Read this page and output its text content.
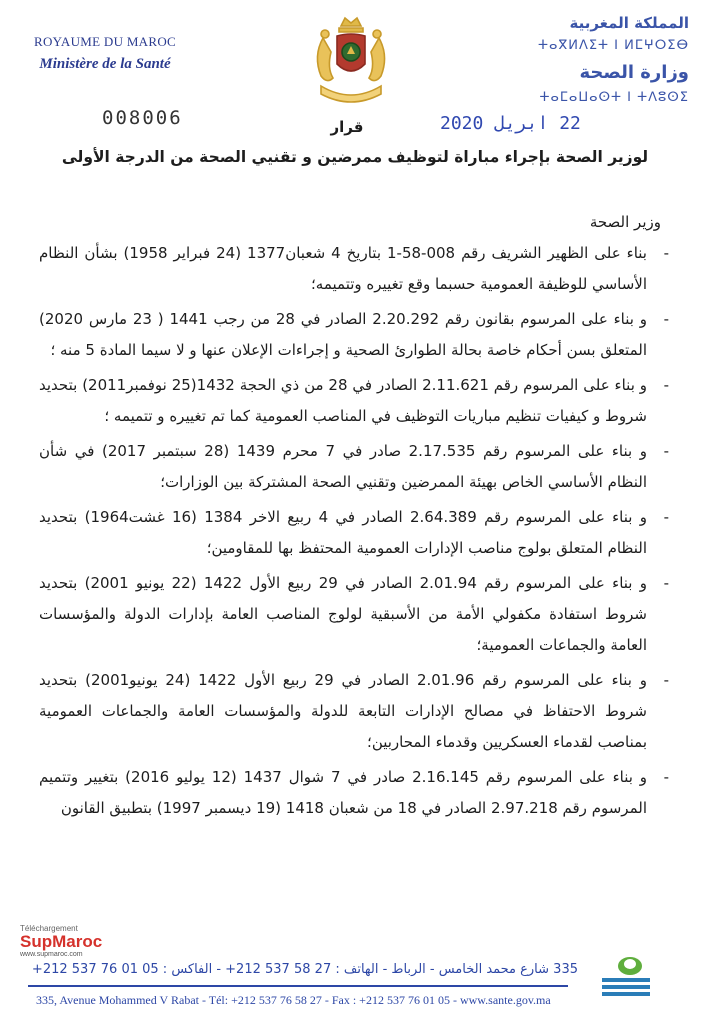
ROYAUME DU MAROC
Ministère de la Santé
المملكة المغربية
ⵜⴰⴳⵍⴷⵉⵜ ⵏ ⵍⵎⵖⵔⵉⴱ
وزارة الصحة
ⵜⴰⵎⴰⵡⴰⵙⵜ ⵏ ⵜⴷⵓⵙⵉ
008006	قرار	22 ابريل 2020
لوزير الصحة بإجراء مباراة لتوظيف ممرضين و تقنيي الصحة من الدرجة الأولى
وزير الصحة
-
بناء على الظهير الشريف رقم 008-58-1 بتاريخ 4 شعبان1377 (24 فبراير 1958) بشأن النظام الأساسي للوظيفة العمومية حسبما وقع تغييره وتتميمه؛
-
و بناء على المرسوم بقانون رقم 2.20.292 الصادر في 28 من رجب 1441 ( 23 مارس 2020) المتعلق بسن أحكام خاصة بحالة الطوارئ الصحية و إجراءات الإعلان عنها و لا سيما المادة 5 منه ؛
-
و بناء على المرسوم رقم 2.11.621 الصادر في 28 من ذي الحجة 1432(25 نوفمبر2011) بتحديد شروط و كيفيات تنظيم مباريات التوظيف في المناصب العمومية كما تم تغييره و تتميمه ؛
-
و بناء على المرسوم رقم 2.17.535 صادر في 7 محرم 1439 (28 سبتمبر 2017) في شأن النظام الأساسي الخاص بهيئة الممرضين وتقنيي الصحة المشتركة بين الوزارات؛
-
و بناء على المرسوم رقم 2.64.389 الصادر في 4 ربيع الاخر 1384 (16 غشت1964) بتحديد النظام المتعلق بولوج مناصب الإدارات العمومية المحتفظ بها للمقاومين؛
-
و بناء على المرسوم رقم 2.01.94 الصادر في 29 ربيع الأول 1422 (22 يونيو 2001) بتحديد شروط استفادة مكفولي الأمة من الأسبقية لولوج المناصب العامة بإدارات الدولة والمؤسسات العامة والجماعات العمومية؛
-
و بناء على المرسوم رقم 2.01.96 الصادر في 29 ربيع الأول 1422 (24 يونيو2001) بتحديد شروط الاحتفاظ في مصالح الإدارات التابعة للدولة والمؤسسات العامة والجماعات العمومية بمناصب لقدماء العسكريين وقدماء المحاربين؛
-
و بناء على المرسوم رقم 2.16.145 صادر في 7 شوال 1437 (12 يوليو 2016) بتغيير وتتميم المرسوم رقم 2.97.218 الصادر في 18 من شعبان 1418 (19 ديسمبر 1997) بتطبيق القانون
Téléchargement
SupMaroc
www.supmaroc.com
335 شارع محمد الخامس - الرباط - الهاتف : 27 58 537 212+ - الفاكس : 05 01 76 537 212+
335, Avenue Mohammed V Rabat - Tél: +212 537 76 58 27 - Fax : +212 537 76 01 05 - www.sante.gov.ma
